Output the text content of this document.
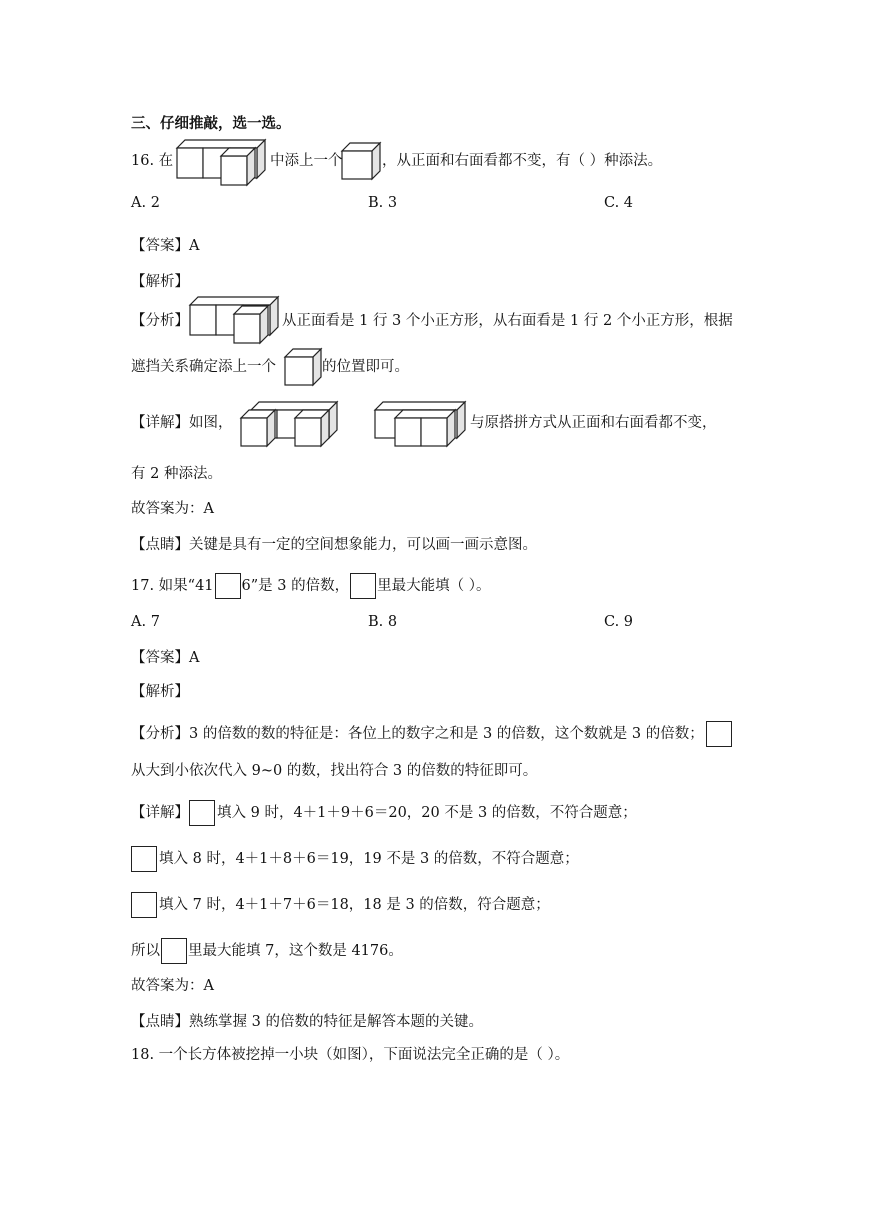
三、仔细推敲，选一选。
16. 在	中添上一个	，从正面和右面看都不变，有（ ）种添法。
A. 2	B. 3	C. 4
【答案】A
【解析】
【分析】	从正面看是 1 行 3 个小正方形，从右面看是 1 行 2 个小正方形，根据
遮挡关系确定添上一个	的位置即可。
【详解】如图，	与原搭拼方式从正面和右面看都不变，
有 2 种添法。
故答案为：A
【点睛】关键是具有一定的空间想象能力，可以画一画示意图。
17. 如果“41 6”是 3 的倍数， 里最大能填（ ）。
A. 7	B. 8	C. 9
【答案】A
【解析】
【分析】3 的倍数的数的特征是：各位上的数字之和是 3 的倍数，这个数就是 3 的倍数；
从大到小依次代入 9~0 的数，找出符合 3 的倍数的特征即可。
【详解】 填入 9 时，4＋1＋9＋6＝20，20 不是 3 的倍数，不符合题意；
填入 8 时，4＋1＋8＋6＝19，19 不是 3 的倍数，不符合题意；
填入 7 时，4＋1＋7＋6＝18，18 是 3 的倍数，符合题意；
所以 里最大能填 7，这个数是 4176。
故答案为：A
【点睛】熟练掌握 3 的倍数的特征是解答本题的关键。
18. 一个长方体被挖掉一小块（如图），下面说法完全正确的是（ ）。
